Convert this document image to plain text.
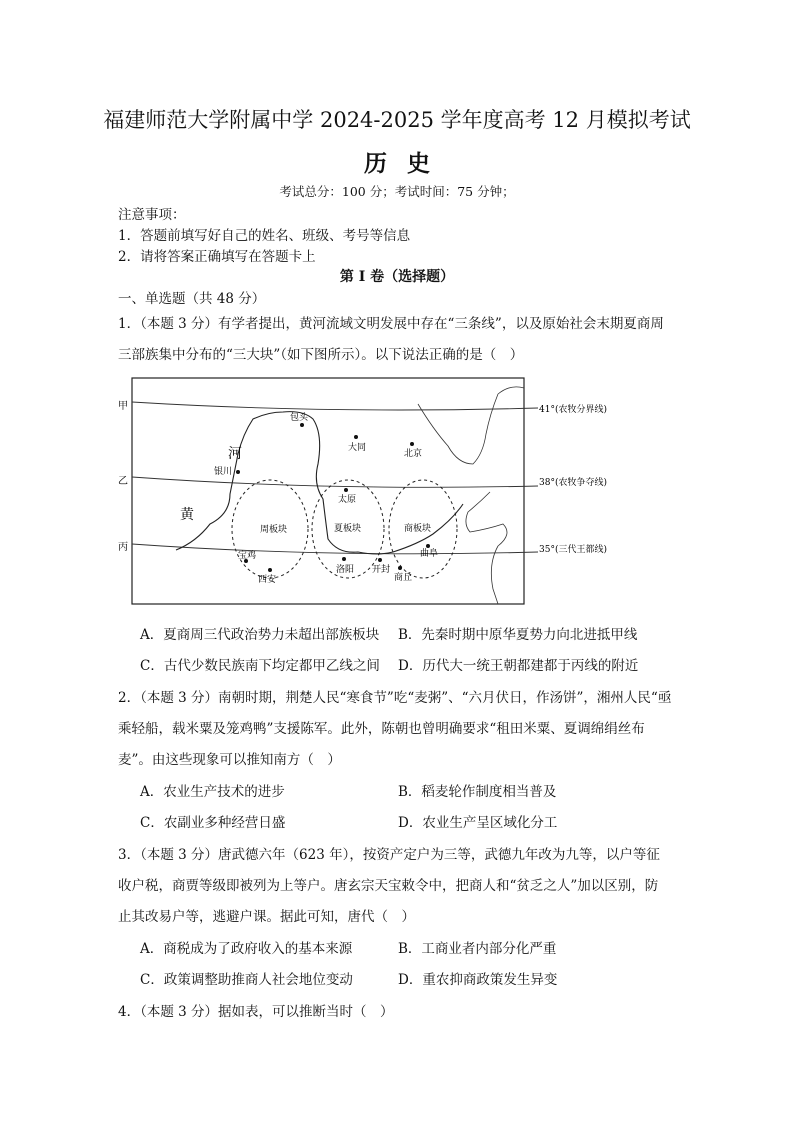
福建师范大学附属中学 2024-2025 学年度高考 12 月模拟考试
历史
考试总分：100 分；考试时间：75 分钟；
注意事项：
1．答题前填写好自己的姓名、班级、考号等信息
2．请将答案正确填写在答题卡上
第 I 卷（选择题）
一、单选题（共 48 分）
1．（本题 3 分）有学者提出，黄河流域文明发展中存在“三条线”，以及原始社会末期夏商周
三部族集中分布的“三大块”（如下图所示）。以下说法正确的是（　）
周板块	夏板块	商板块
河
黄
包头
大同
北京
银川
太原
曲阜
宝鸡
西安
洛阳 开封
商丘
甲
乙
丙
41°(农牧分界线)
38°(农牧争夺线)
35°(三代王都线)
A．夏商周三代政治势力未超出部族板块 B．先秦时期中原华夏势力向北进抵甲线
C．古代少数民族南下均定都甲乙线之间 D．历代大一统王朝都建都于丙线的附近
2．（本题 3 分）南朝时期，荆楚人民“寒食节”吃“麦粥”、“六月伏日，作汤饼”，湘州人民“亟
乘轻船，载米粟及笼鸡鸭”支援陈军。此外，陈朝也曾明确要求“租田米粟、夏调绵绢丝布
麦”。由这些现象可以推知南方（　）
A．农业生产技术的进步	B．稻麦轮作制度相当普及
C．农副业多种经营日盛	D．农业生产呈区域化分工
3．（本题 3 分）唐武德六年（623 年），按资产定户为三等，武德九年改为九等，以户等征
收户税，商贾等级即被列为上等户。唐玄宗天宝敕令中，把商人和“贫乏之人”加以区别，防
止其改易户等，逃避户课。据此可知，唐代（　）
A．商税成为了政府收入的基本来源	B．工商业者内部分化严重
C．政策调整助推商人社会地位变动	D．重农抑商政策发生异变
4．（本题 3 分）据如表，可以推断当时（　）
